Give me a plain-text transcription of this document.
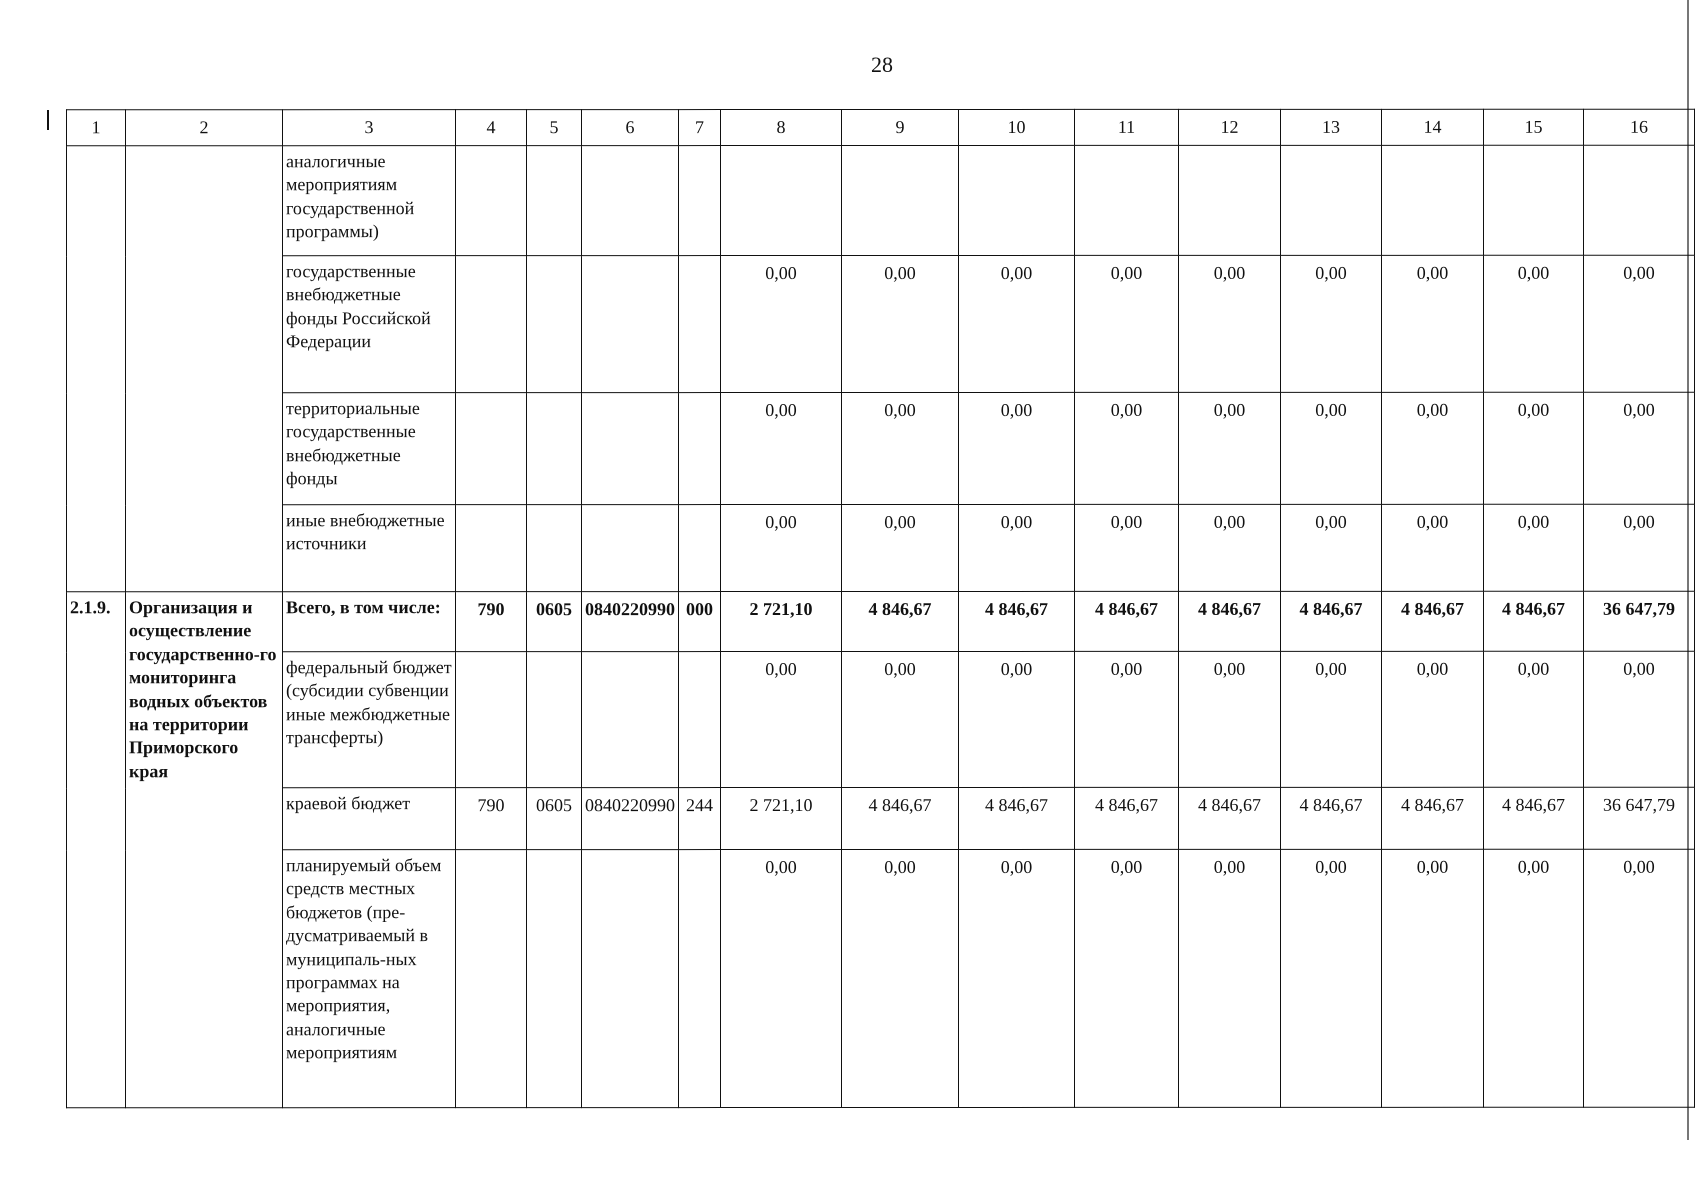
28
1	2	3	4	5	6	7	8	9	10	11	12	13	14	15	16

		аналогичные мероприятиям государственной программы)													

		государственные внебюджетные фонды Российской Федерации					0,00	0,00	0,00	0,00	0,00	0,00	0,00	0,00	0,00

		территориальные государственные внебюджетные фонды					0,00	0,00	0,00	0,00	0,00	0,00	0,00	0,00	0,00

		иные внебюджетные источники					0,00	0,00	0,00	0,00	0,00	0,00	0,00	0,00	0,00

2.1.9.	Организация и осуществление государственно-го мониторинга водных объектов на территории Приморского края	Всего, в том числе:	790	0605	0840220990	000	2 721,10	4 846,67	4 846,67	4 846,67	4 846,67	4 846,67	4 846,67	4 846,67	36 647,79

		федеральный бюджет (субсидии субвенции иные межбюджетные трансферты)					0,00	0,00	0,00	0,00	0,00	0,00	0,00	0,00	0,00

		краевой бюджет	790	0605	0840220990	244	2 721,10	4 846,67	4 846,67	4 846,67	4 846,67	4 846,67	4 846,67	4 846,67	36 647,79

		планируемый объем средств местных бюджетов (пре-дусматриваемый в муниципаль-ных программах на мероприятия, аналогичные мероприятиям					0,00	0,00	0,00	0,00	0,00	0,00	0,00	0,00	0,00
